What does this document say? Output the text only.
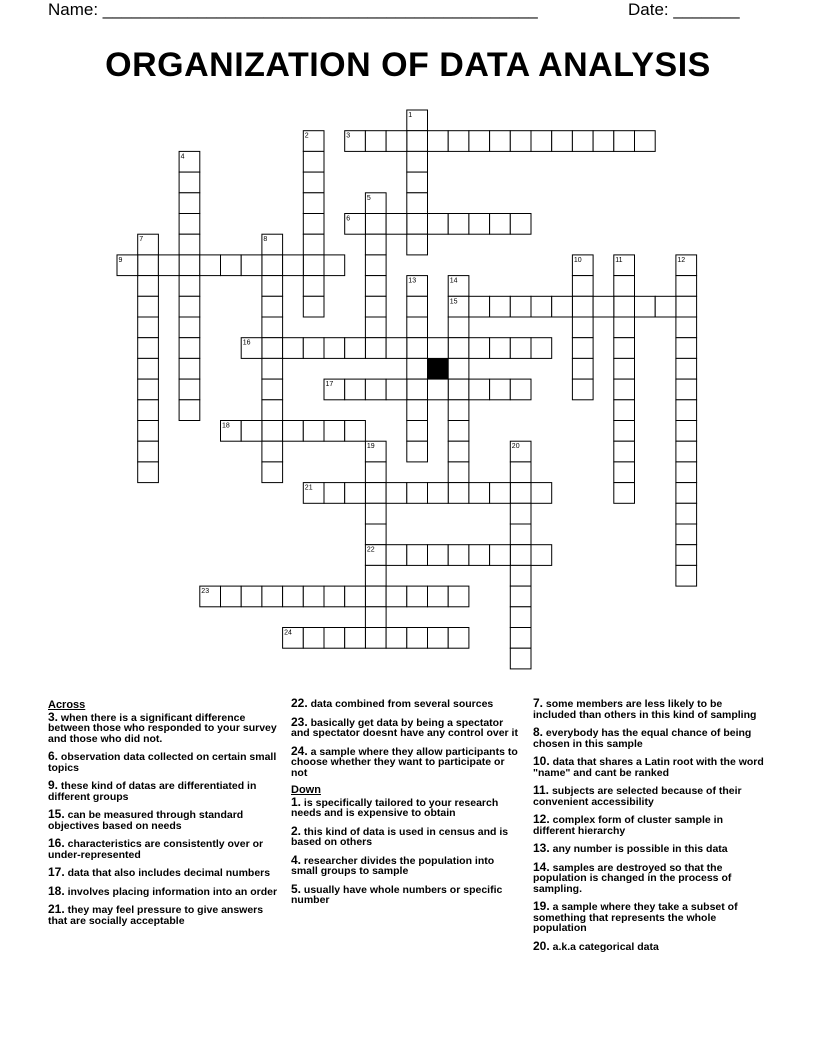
Name: ______________________________________________	Date: _______
ORGANIZATION OF DATA ANALYSIS
1
2	3
4
5
6
7	8
9	10	11	12
13	14
15
16
17
18
19	20
21
22
23
24
Across
3. when there is a significant difference between those who responded to your survey and those who did not.
6. observation data collected on certain small topics
9. these kind of datas are differentiated in different groups
15. can be measured through standard objectives based on needs
16. characteristics are consistently over or under-represented
17. data that also includes decimal numbers
18. involves placing information into an order
21. they may feel pressure to give answers that are socially acceptable
22. data combined from several sources
23. basically get data by being a spectator and spectator doesnt have any control over it
24. a sample where they allow participants to choose whether they want to participate or not
Down
1. is specifically tailored to your research needs and is expensive to obtain
2. this kind of data is used in census and is based on others
4. researcher divides the population into small groups to sample
5. usually have whole numbers or specific number
7. some members are less likely to be included than others in this kind of sampling
8. everybody has the equal chance of being chosen in this sample
10. data that shares a Latin root with the word "name" and cant be ranked
11. subjects are selected because of their convenient accessibility
12. complex form of cluster sample in different hierarchy
13. any number is possible in this data
14. samples are destroyed so that the population is changed in the process of sampling.
19. a sample where they take a subset of something that represents the whole population
20. a.k.a categorical data
